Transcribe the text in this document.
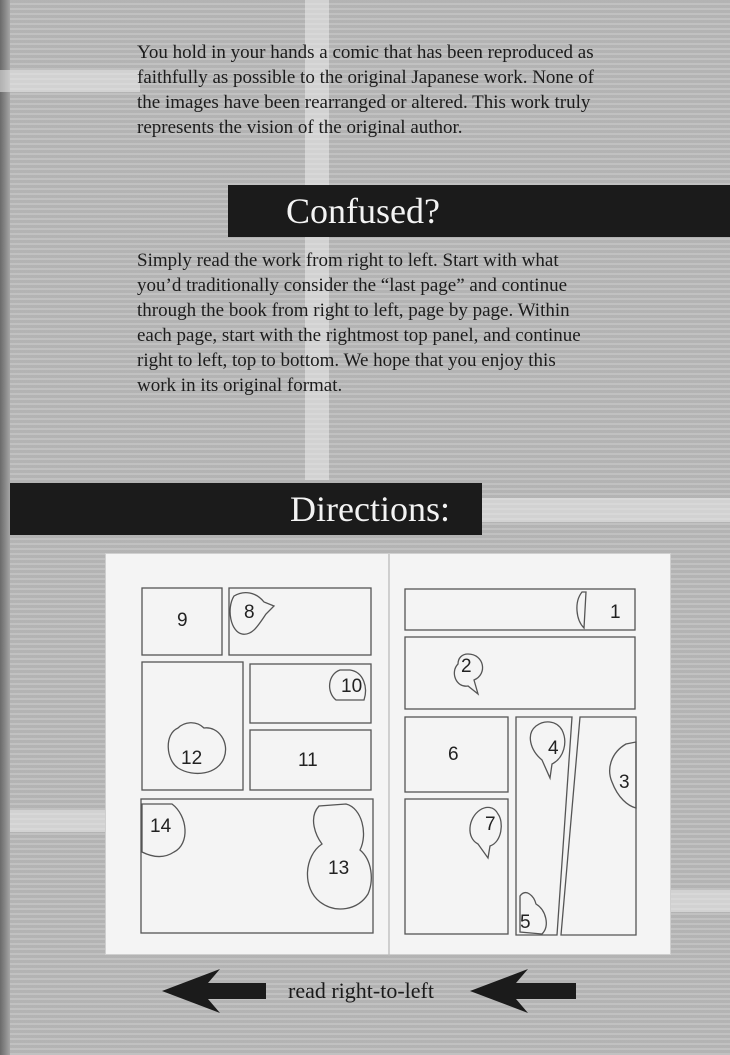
You hold in your hands a comic that has been reproduced as faithfully as possible to the original Japanese work. None of the images have been rearranged or altered. This work truly represents the vision of the original author.

Confused?

Simply read the work from right to left. Start with what you’d traditionally consider the “last page” and continue through the book from right to left, page by page. Within each page, start with the rightmost top panel, and continue right to left, top to bottom. We hope that you enjoy this work in its original format.

Directions:
1
2
3
4
5
6
7
8
9
10
11
12
13
14
read right-to-left
